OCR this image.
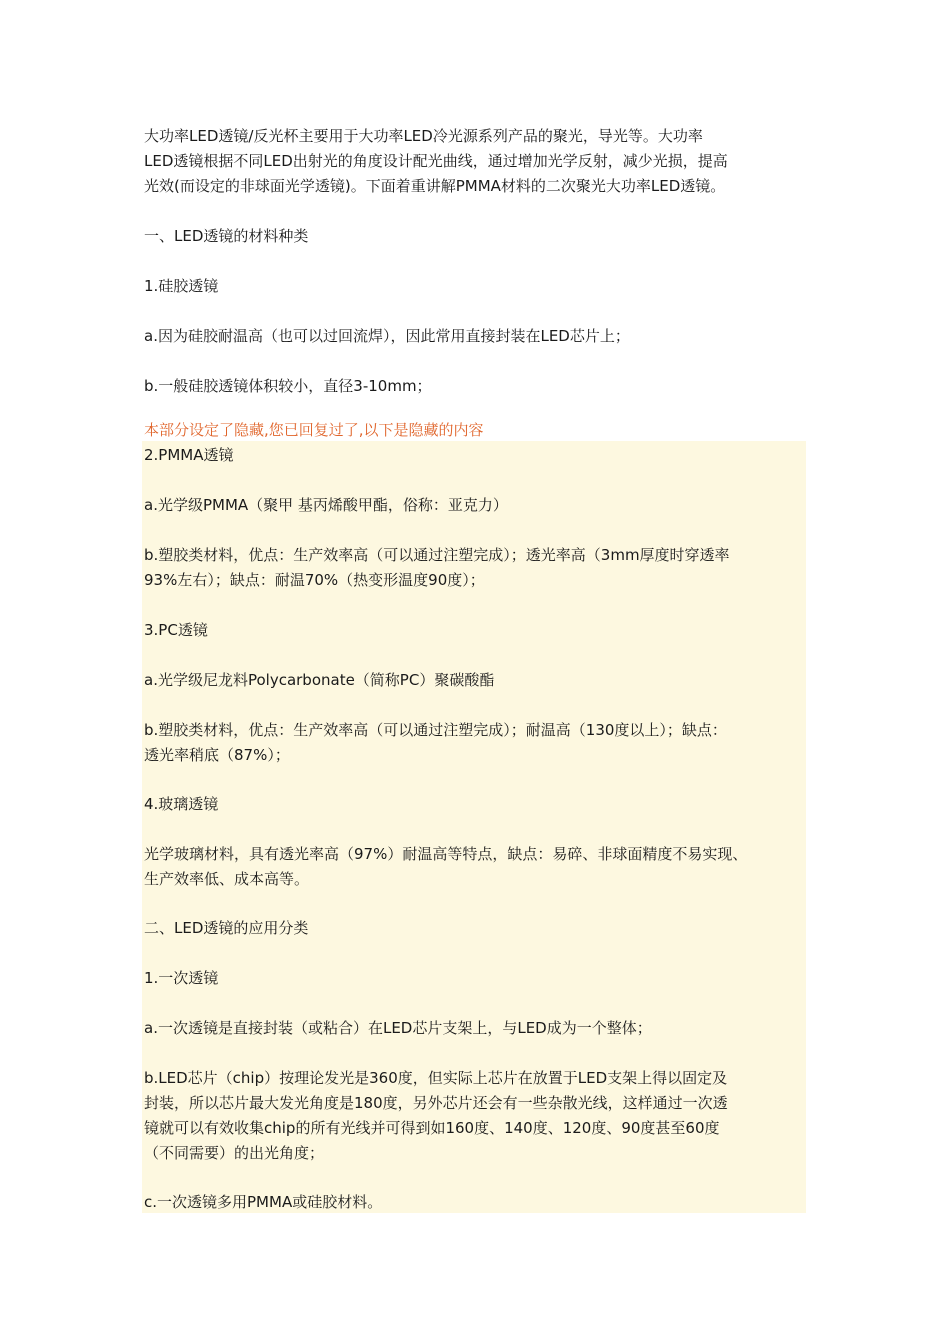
大功率LED透镜/反光杯主要用于大功率LED冷光源系列产品的聚光，导光等。大功率

LED透镜根据不同LED出射光的角度设计配光曲线，通过增加光学反射，减少光损，提高

光效(而设定的非球面光学透镜)。下面着重讲解PMMA材料的二次聚光大功率LED透镜。

一、LED透镜的材料种类

1.硅胶透镜

a.因为硅胶耐温高（也可以过回流焊），因此常用直接封装在LED芯片上；

b.一般硅胶透镜体积较小，直径3-10mm；

本部分设定了隐藏,您已回复过了,以下是隐藏的内容

2.PMMA透镜

a.光学级PMMA（聚甲 基丙烯酸甲酯，俗称：亚克力）

b.塑胶类材料，优点：生产效率高（可以通过注塑完成）；透光率高（3mm厚度时穿透率

93%左右）；缺点：耐温70%（热变形温度90度）；

3.PC透镜

a.光学级尼龙料Polycarbonate（简称PC）聚碳酸酯

b.塑胶类材料，优点：生产效率高（可以通过注塑完成）；耐温高（130度以上）；缺点：

透光率稍底（87%）；

4.玻璃透镜

光学玻璃材料，具有透光率高（97%）耐温高等特点，缺点：易碎、非球面精度不易实现、

生产效率低、成本高等。

二、LED透镜的应用分类

1.一次透镜

a.一次透镜是直接封装（或粘合）在LED芯片支架上，与LED成为一个整体；

b.LED芯片（chip）按理论发光是360度，但实际上芯片在放置于LED支架上得以固定及

封装，所以芯片最大发光角度是180度，另外芯片还会有一些杂散光线，这样通过一次透

镜就可以有效收集chip的所有光线并可得到如160度、140度、120度、90度甚至60度

（不同需要）的出光角度；

c.一次透镜多用PMMA或硅胶材料。
